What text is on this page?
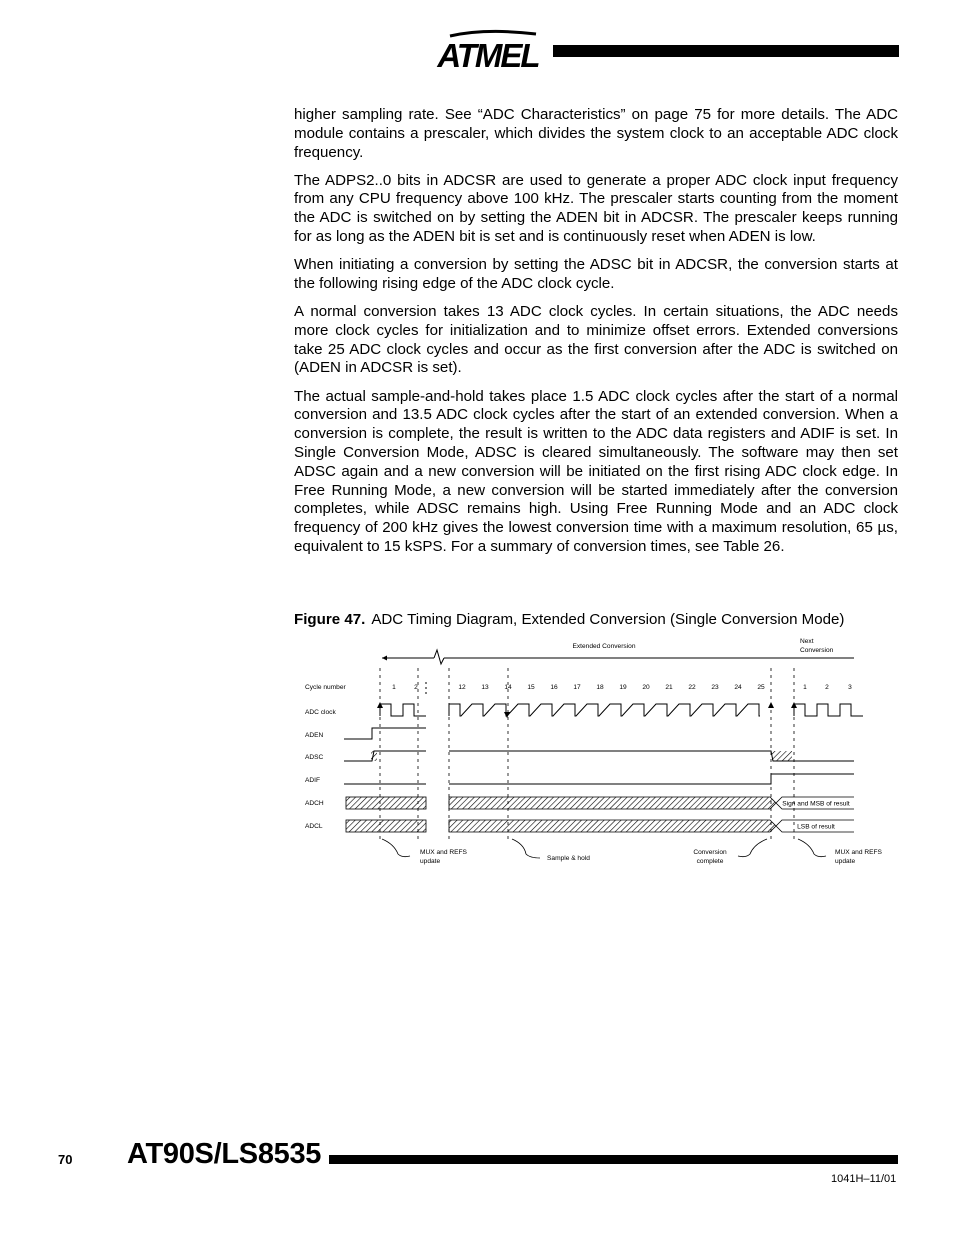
ATMEL

higher sampling rate. See “ADC Characteristics” on page 75 for more details. The ADC module contains a prescaler, which divides the system clock to an acceptable ADC clock frequency.

The ADPS2..0 bits in ADCSR are used to generate a proper ADC clock input frequency from any CPU frequency above 100 kHz. The prescaler starts counting from the moment the ADC is switched on by setting the ADEN bit in ADCSR. The prescaler keeps running for as long as the ADEN bit is set and is continuously reset when ADEN is low.

When initiating a conversion by setting the ADSC bit in ADCSR, the conversion starts at the following rising edge of the ADC clock cycle.

A normal conversion takes 13 ADC clock cycles. In certain situations, the ADC needs more clock cycles for initialization and to minimize offset errors. Extended conversions take 25 ADC clock cycles and occur as the first conversion after the ADC is switched on (ADEN in ADCSR is set).

The actual sample-and-hold takes place 1.5 ADC clock cycles after the start of a normal conversion and 13.5 ADC clock cycles after the start of an extended conversion. When a conversion is complete, the result is written to the ADC data registers and ADIF is set. In Single Conversion Mode, ADSC is cleared simultaneously. The software may then set ADSC again and a new conversion will be initiated on the first rising ADC clock edge. In Free Running Mode, a new conversion will be started immediately after the conversion completes, while ADSC remains high. Using Free Running Mode and an ADC clock frequency of 200 kHz gives the lowest conversion time with a maximum resolution, 65 µs, equivalent to 15 kSPS. For a summary of conversion times, see Table 26.

Figure 47. ADC Timing Diagram, Extended Conversion (Single Conversion Mode)
Extended Conversion
Next
Conversion
Cycle number
ADC clock
ADEN
ADSC
ADIF
ADCH
ADCL
1	2	12 13 14 15 16 17 18 19 20 21 22 23 24 25	1	2	3
Sign and MSB of result
LSB of result
MUX and REFS
update	Sample & hold
Conversion
complete
MUX and REFS
update
70 AT90S/LS8535
1041H–11/01
